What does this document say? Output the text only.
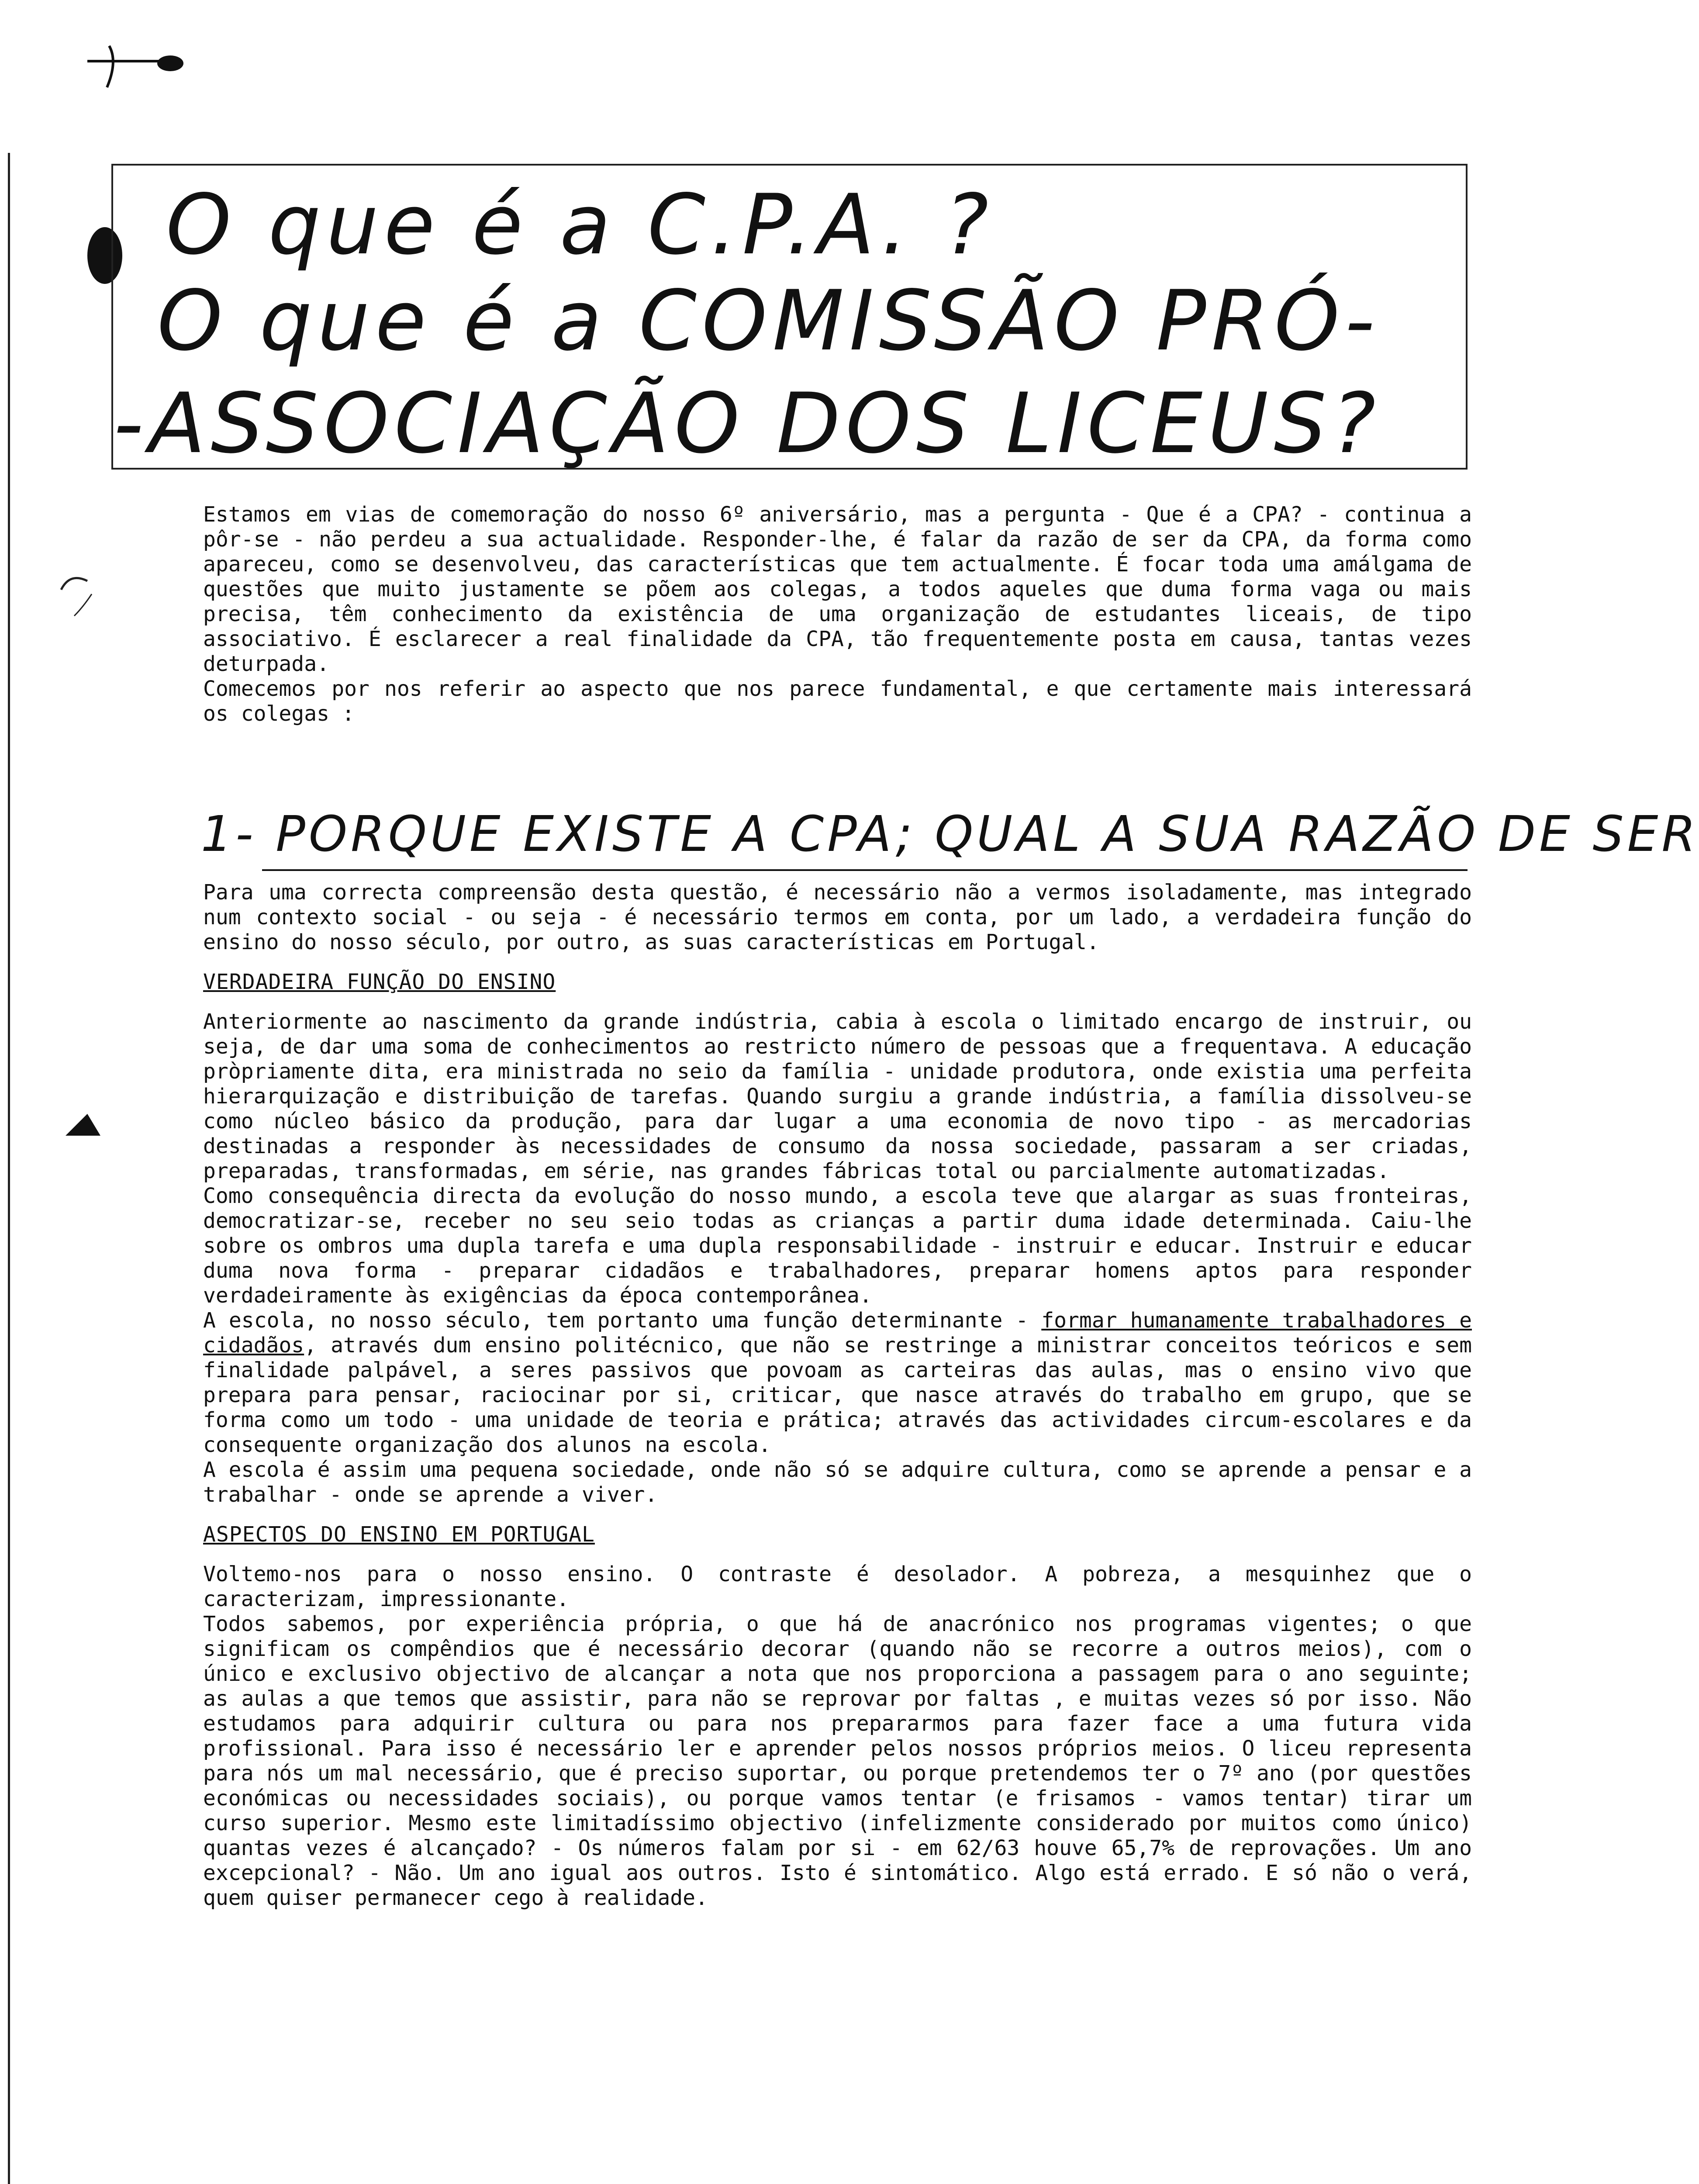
O que é a C.P.A. ?
O que é a COMISSÃO PRÓ-
-ASSOCIAÇÃO DOS LICEUS?

Estamos em vias de comemoração do nosso 6º aniversário, mas a pergunta - Que é a CPA? - continua a pôr-se - não perdeu a sua actualidade. Responder-lhe, é falar da razão de ser da CPA, da forma como apareceu, como se desenvolveu, das características que tem actualmente. É focar toda uma amálgama de questões que muito justamente se põem aos colegas, a todos aqueles que duma forma vaga ou mais precisa, têm conhecimento da existência de uma organização de estudantes liceais, de tipo associativo. É esclarecer a real finalidade da CPA, tão frequentemente posta em causa, tantas vezes deturpada.

Comecemos por nos referir ao aspecto que nos parece fundamental, e que certamente mais interessará os colegas :

1- PORQUE EXISTE A CPA; QUAL A SUA RAZÃO DE SER

Para uma correcta compreensão desta questão, é necessário não a vermos isoladamente, mas integrado num contexto social - ou seja - é necessário termos em conta, por um lado, a verdadeira função do ensino do nosso século, por outro, as suas características em Portugal.

VERDADEIRA FUNÇÃO DO ENSINO

Anteriormente ao nascimento da grande indústria, cabia à escola o limitado encargo de instruir, ou seja, de dar uma soma de conhecimentos ao restricto número de pessoas que a frequentava. A educação pròpriamente dita, era ministrada no seio da família - unidade produtora, onde existia uma perfeita hierarquização e distribuição de tarefas. Quando surgiu a grande indústria, a família dissolveu-se como núcleo básico da produção, para dar lugar a uma economia de novo tipo - as mercadorias destinadas a responder às necessidades de consumo da nossa sociedade, passaram a ser criadas, preparadas, transformadas, em série, nas grandes fábricas total ou parcialmente automatizadas.

Como consequência directa da evolução do nosso mundo, a escola teve que alargar as suas fronteiras, democratizar-se, receber no seu seio todas as crianças a partir duma idade determinada. Caiu-lhe sobre os ombros uma dupla tarefa e uma dupla responsabilidade - instruir e educar. Instruir e educar duma nova forma - preparar cidadãos e trabalhadores, preparar homens aptos para responder verdadeiramente às exigências da época contemporânea.

A escola, no nosso século, tem portanto uma função determinante - formar humanamente trabalhadores e cidadãos, através dum ensino politécnico, que não se restringe a ministrar conceitos teóricos e sem finalidade palpável, a seres passivos que povoam as carteiras das aulas, mas o ensino vivo que prepara para pensar, raciocinar por si, criticar, que nasce através do trabalho em grupo, que se forma como um todo - uma unidade de teoria e prática; através das actividades circum-escolares e da consequente organização dos alunos na escola.

A escola é assim uma pequena sociedade, onde não só se adquire cultura, como se aprende a pensar e a trabalhar - onde se aprende a viver.

ASPECTOS DO ENSINO EM PORTUGAL

Voltemo-nos para o nosso ensino. O contraste é desolador. A pobreza, a mesquinhez que o caracterizam, impressionante.

Todos sabemos, por experiência própria, o que há de anacrónico nos programas vigentes; o que significam os compêndios que é necessário decorar (quando não se recorre a outros meios), com o único e exclusivo objectivo de alcançar a nota que nos proporciona a passagem para o ano seguinte; as aulas a que temos que assistir, para não se reprovar por faltas , e muitas vezes só por isso. Não estudamos para adquirir cultura ou para nos prepararmos para fazer face a uma futura vida profissional. Para isso é necessário ler e aprender pelos nossos próprios meios. O liceu representa para nós um mal necessário, que é preciso suportar, ou porque pretendemos ter o 7º ano (por questões económicas ou necessidades sociais), ou porque vamos tentar (e frisamos - vamos tentar) tirar um curso superior. Mesmo este limitadíssimo objectivo (infelizmente considerado por muitos como único) quantas vezes é alcançado? - Os números falam por si - em 62/63 houve 65,7% de reprovações. Um ano excepcional? - Não. Um ano igual aos outros. Isto é sintomático. Algo está errado. E só não o verá, quem quiser permanecer cego à realidade.
